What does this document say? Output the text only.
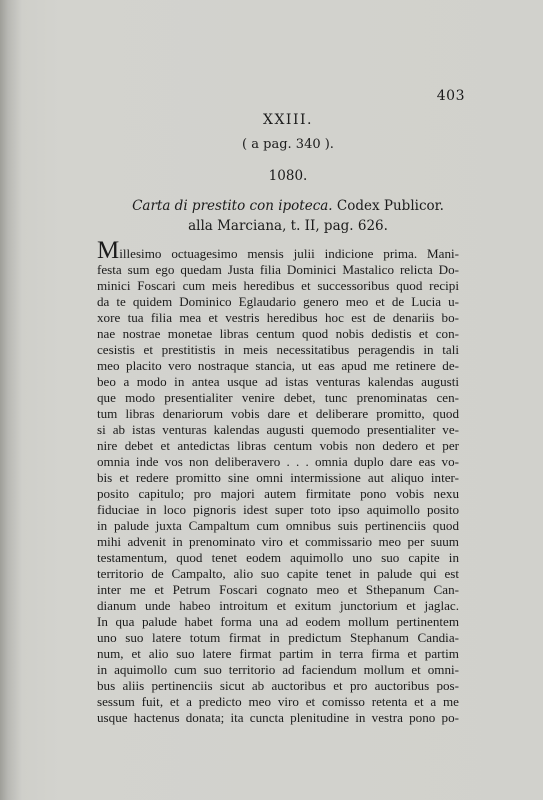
403
XXIII.
( a pag. 340 ).
1080.
Carta di prestito con ipoteca. Codex Publicor.
alla Marciana, t. II, pag. 626.
Millesimo octuagesimo mensis julii indicione prima. Mani-
festa sum ego quedam Justa filia Dominici Mastalico relicta Do-
minici Foscari cum meis heredibus et successoribus quod recipi
da te quidem Dominico Eglaudario genero meo et de Lucia u-
xore tua filia mea et vestris heredibus hoc est de denariis bo-
nae nostrae monetae libras centum quod nobis dedistis et con-
cesistis et prestitistis in meis necessitatibus peragendis in tali
meo placito vero nostraque stancia, ut eas apud me retinere de-
beo a modo in antea usque ad istas venturas kalendas augusti
que modo presentialiter venire debet, tunc prenominatas cen-
tum libras denariorum vobis dare et deliberare promitto, quod
si ab istas venturas kalendas augusti quemodo presentialiter ve-
nire debet et antedictas libras centum vobis non dedero et per
omnia inde vos non deliberavero . . . omnia duplo dare eas vo-
bis et redere promitto sine omni intermissione aut aliquo inter-
posito capitulo; pro majori autem firmitate pono vobis nexu
fiduciae in loco pignoris idest super toto ipso aquimollo posito
in palude juxta Campaltum cum omnibus suis pertinenciis quod
mihi advenit in prenominato viro et commissario meo per suum
testamentum, quod tenet eodem aquimollo uno suo capite in
territorio de Campalto, alio suo capite tenet in palude qui est
inter me et Petrum Foscari cognato meo et Sthepanum Can-
dianum unde habeo introitum et exitum junctorium et jaglac.
In qua palude habet forma una ad eodem mollum pertinentem
uno suo latere totum firmat in predictum Stephanum Candia-
num, et alio suo latere firmat partim in terra firma et partim
in aquimollo cum suo territorio ad faciendum mollum et omni-
bus aliis pertinenciis sicut ab auctoribus et pro auctoribus pos-
sessum fuit, et a predicto meo viro et comisso retenta et a me
usque hactenus donata; ita cuncta plenitudine in vestra pono po-
